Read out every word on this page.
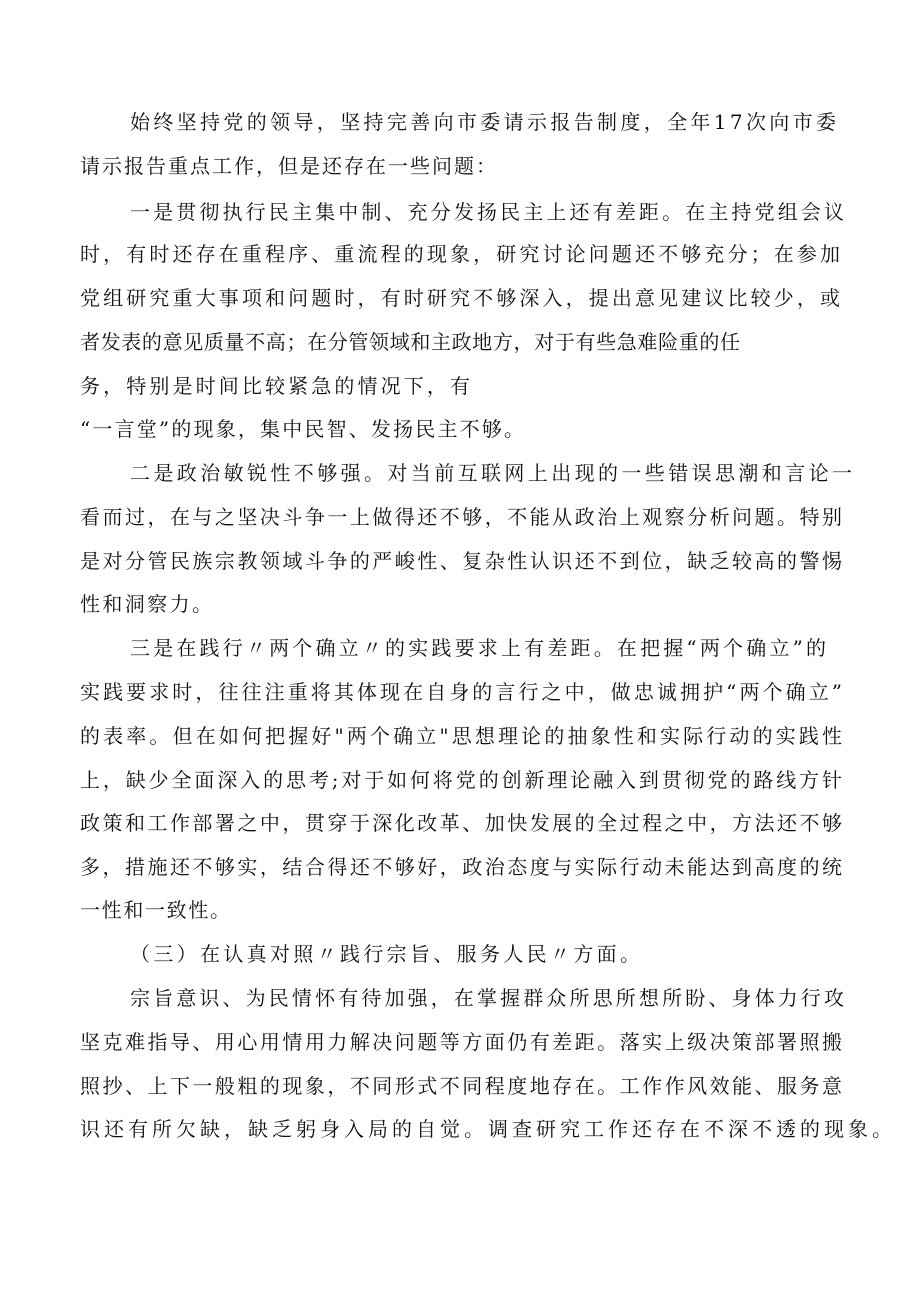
始终坚持党的领导，坚持完善向市委请示报告制度，全年17次向市委
请示报告重点工作，但是还存在一些问题：
一是贯彻执行民主集中制、充分发扬民主上还有差距。在主持党组会议
时，有时还存在重程序、重流程的现象，研究讨论问题还不够充分；在参加
党组研究重大事项和问题时，有时研究不够深入，提出意见建议比较少，或
者发表的意见质量不高；在分管领域和主政地方，对于有些急难险重的任
务，特别是时间比较紧急的情况下，有
“一言堂”的现象，集中民智、发扬民主不够。
二是政治敏锐性不够强。对当前互联网上出现的一些错误思潮和言论一
看而过，在与之坚决斗争一上做得还不够，不能从政治上观察分析问题。特别
是对分管民族宗教领域斗争的严峻性、复杂性认识还不到位，缺乏较高的警惕
性和洞察力。
三是在践行〃两个确立〃的实践要求上有差距。在把握“两个确立”的
实践要求时，往往注重将其体现在自身的言行之中，做忠诚拥护“两个确立”
的表率。但在如何把握好"两个确立"思想理论的抽象性和实际行动的实践性
上，缺少全面深入的思考;对于如何将党的创新理论融入到贯彻党的路线方针
政策和工作部署之中，贯穿于深化改革、加快发展的全过程之中，方法还不够
多，措施还不够实，结合得还不够好，政治态度与实际行动未能达到高度的统
一性和一致性。
（三）在认真对照〃践行宗旨、服务人民〃方面。
宗旨意识、为民情怀有待加强，在掌握群众所思所想所盼、身体力行攻
坚克难指导、用心用情用力解决问题等方面仍有差距。落实上级决策部署照搬
照抄、上下一般粗的现象，不同形式不同程度地存在。工作作风效能、服务意
识还有所欠缺，缺乏躬身入局的自觉。调查研究工作还存在不深不透的现象。
